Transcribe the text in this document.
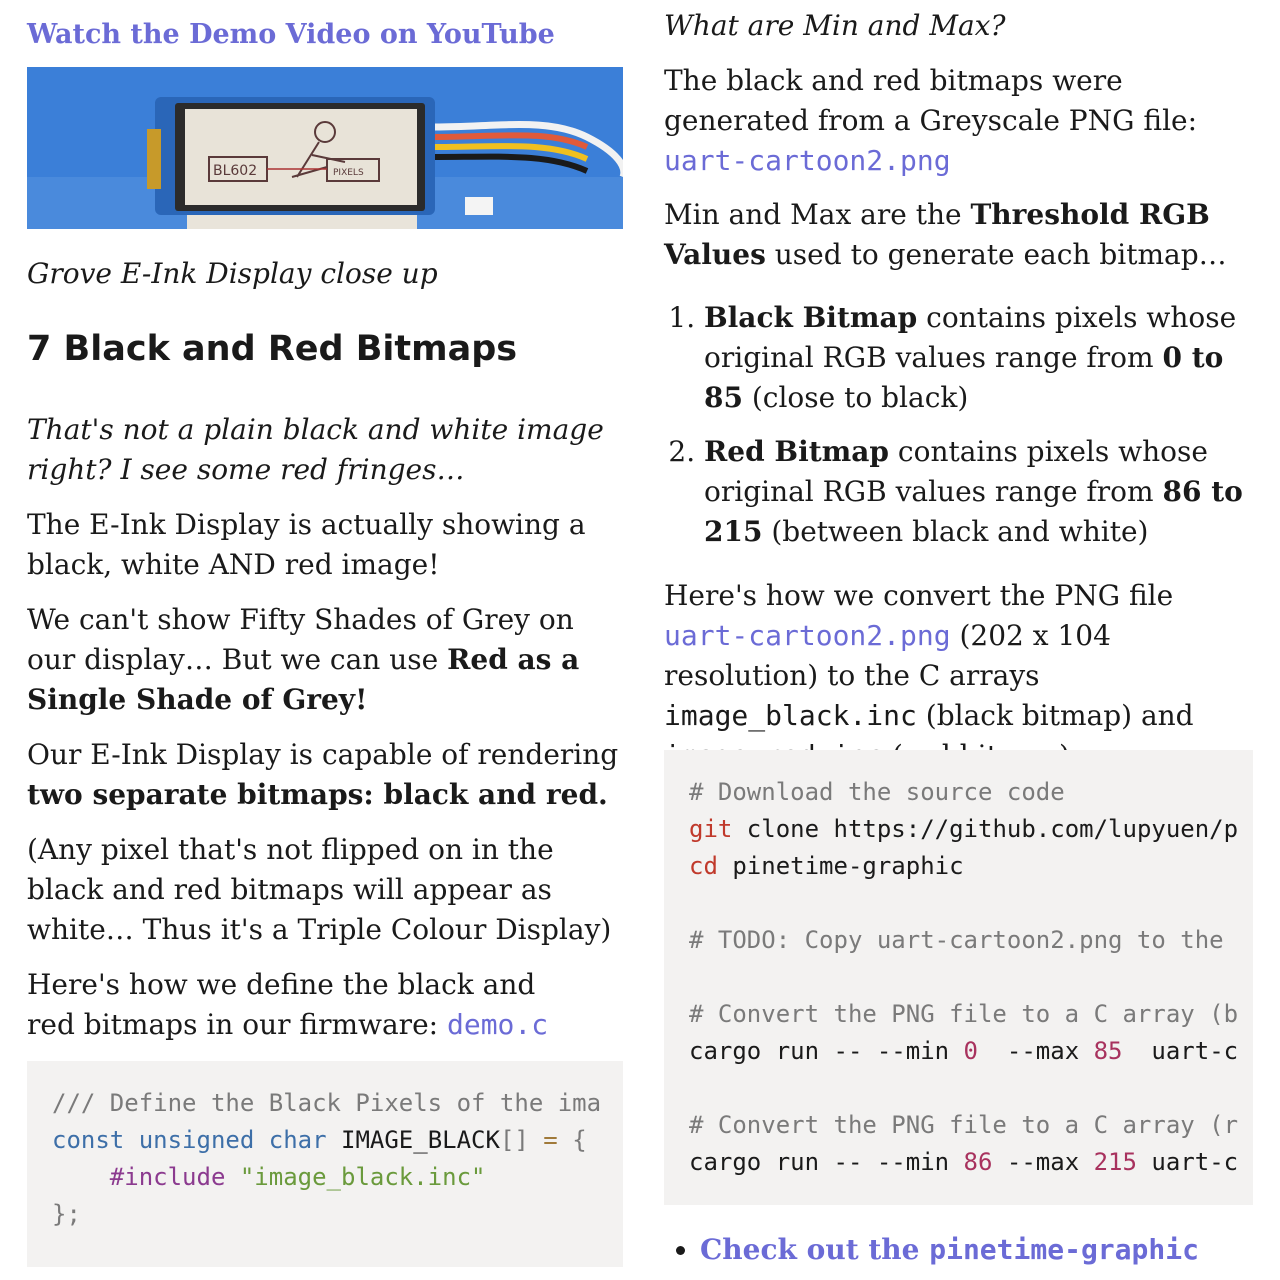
Watch the Demo Video on YouTube
BL602	PIXELS
Grove E-Ink Display close up
7 Black and Red Bitmaps

That's not a plain black and white image right? I see some red fringes…

The E-Ink Display is actually showing a black, white AND red image!

We can't show Fifty Shades of Grey on our display… But we can use Red as a Single Shade of Grey!

Our E-Ink Display is capable of rendering two separate bitmaps: black and red.

(Any pixel that's not flipped on in the black and red bitmaps will appear as white… Thus it's a Triple Colour Display)

Here's how we define the black and red bitmaps in our firmware: demo.c

/// Define the Black Pixels of the ima
const unsigned char IMAGE_BLACK[] = {
#include "image_black.inc"
};
What are Min and Max?

The black and red bitmaps were generated from a Greyscale PNG file: uart-cartoon2.png

Min and Max are the Threshold RGB Values used to generate each bitmap…

1. Black Bitmap contains pixels whose original RGB values range from 0 to 85 (close to black)
2. Red Bitmap contains pixels whose original RGB values range from 86 to 215 (between black and white)

Here's how we convert the PNG file uart-cartoon2.png (202 x 104 resolution) to the C arrays image_black.inc (black bitmap) and

# Download the source code
git clone https://github.com/lupyuen/p
cd pinetime-graphic

# TODO: Copy uart-cartoon2.png to the

# Convert the PNG file to a C array (b
cargo run -- --min 0  --max 85  uart-c

# Convert the PNG file to a C array (r
cargo run -- --min 86 --max 215 uart-c
• Check out the pinetime-graphic
